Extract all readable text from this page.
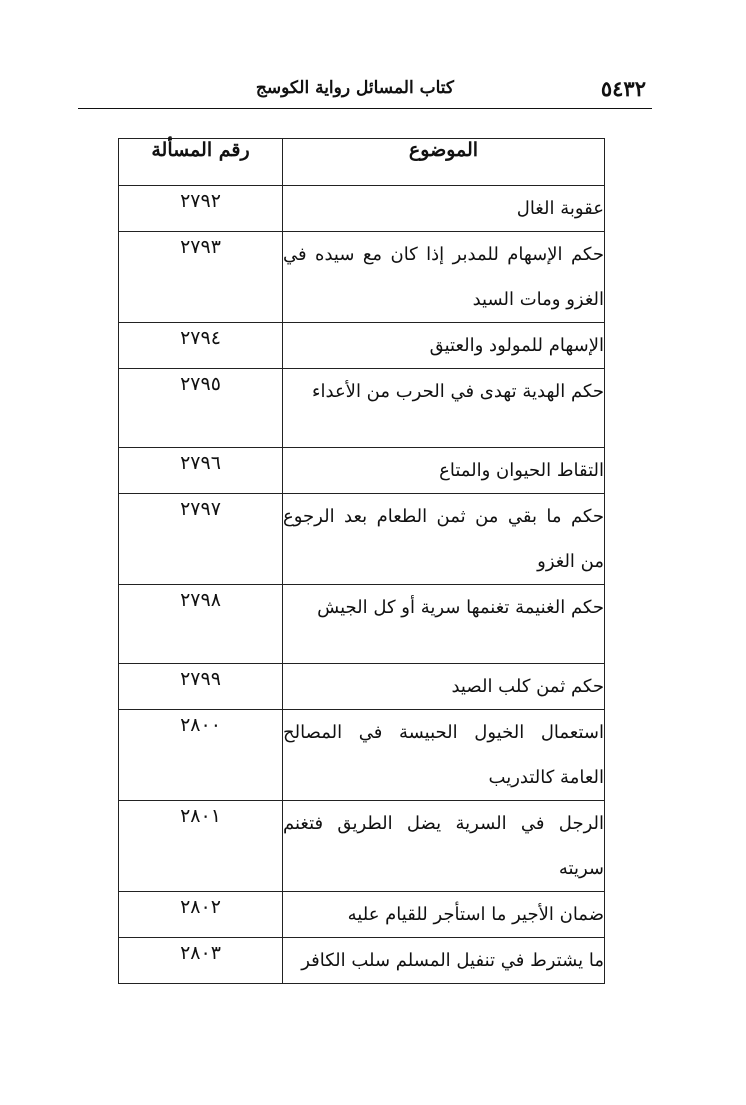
٥٤٣٢
كتاب المسائل رواية الكوسج
الموضوع	رقم المسألة
عقوبة الغال	٢٧٩٢
حكم الإسهام للمدبر إذا كان مع سيده في الغزو ومات السيد	٢٧٩٣
الإسهام للمولود والعتيق	٢٧٩٤
حكم الهدية تهدى في الحرب من الأعداء	٢٧٩٥
التقاط الحيوان والمتاع	٢٧٩٦
حكم ما بقي من ثمن الطعام بعد الرجوع من الغزو	٢٧٩٧
حكم الغنيمة تغنمها سرية أو كل الجيش	٢٧٩٨
حكم ثمن كلب الصيد	٢٧٩٩
استعمال الخيول الحبيسة في المصالح العامة كالتدريب	٢٨٠٠
الرجل في السرية يضل الطريق فتغنم سريته	٢٨٠١
ضمان الأجير ما استأجر للقيام عليه	٢٨٠٢
ما يشترط في تنفيل المسلم سلب الكافر	٢٨٠٣
